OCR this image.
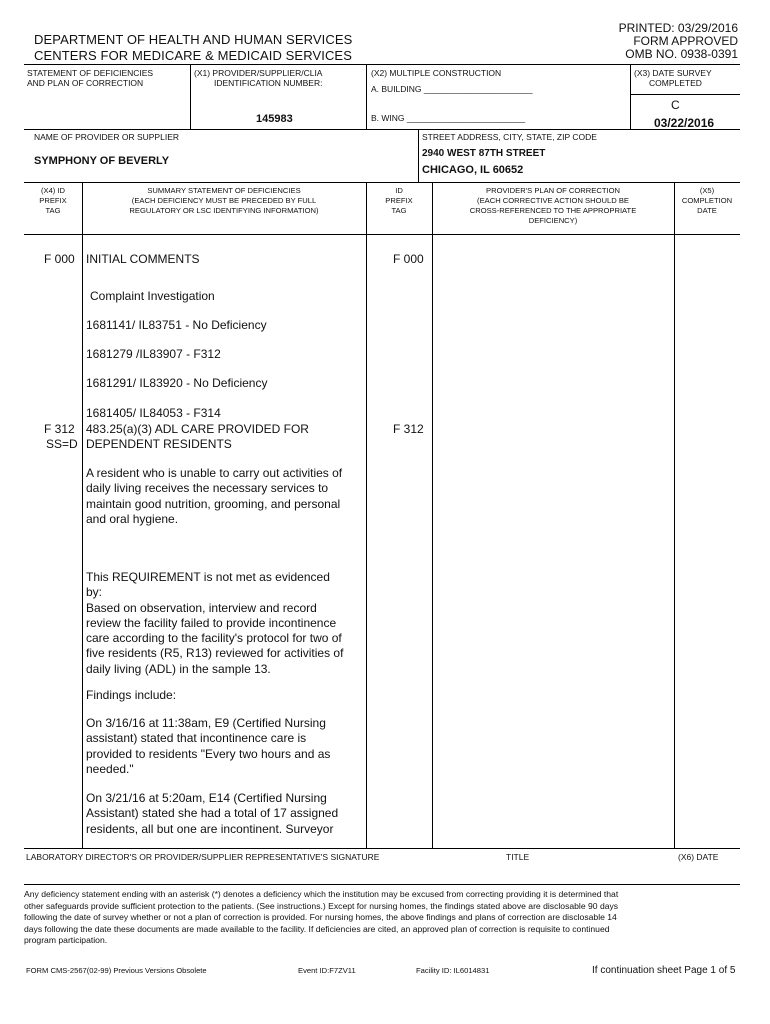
DEPARTMENT OF HEALTH AND HUMAN SERVICES
CENTERS FOR MEDICARE & MEDICAID SERVICES
PRINTED: 03/29/2016
FORM APPROVED
OMB NO. 0938-0391
STATEMENT OF DEFICIENCIES
AND PLAN OF CORRECTION
(X1) PROVIDER/SUPPLIER/CLIA
IDENTIFICATION NUMBER:
145983
(X2) MULTIPLE CONSTRUCTION
A. BUILDING _______________________
B. WING _________________________
(X3) DATE SURVEY
COMPLETED
C
03/22/2016
NAME OF PROVIDER OR SUPPLIER
SYMPHONY OF BEVERLY
STREET ADDRESS, CITY, STATE, ZIP CODE
2940 WEST 87TH STREET
CHICAGO, IL 60652
(X4) ID
PREFIX
TAG
SUMMARY STATEMENT OF DEFICIENCIES
(EACH DEFICIENCY MUST BE PRECEDED BY FULL
REGULATORY OR LSC IDENTIFYING INFORMATION)
ID
PREFIX
TAG
PROVIDER'S PLAN OF CORRECTION
(EACH CORRECTIVE ACTION SHOULD BE
CROSS-REFERENCED TO THE APPROPRIATE
DEFICIENCY)
(X5)
COMPLETION
DATE
F 000 INITIAL COMMENTS	F 000
Complaint Investigation
1681141/ IL83751 - No Deficiency
1681279 /IL83907 - F312
1681291/ IL83920 - No Deficiency
1681405/ IL84053 - F314
F 312
SS=D
483.25(a)(3) ADL CARE PROVIDED FOR
DEPENDENT RESIDENTS
F 312
A resident who is unable to carry out activities of
daily living receives the necessary services to
maintain good nutrition, grooming, and personal
and oral hygiene.
This REQUIREMENT is not met as evidenced
by:
Based on observation, interview and record
review the facility failed to provide incontinence
care according to the facility's protocol for two of
five residents (R5, R13) reviewed for activities of
daily living (ADL) in the sample 13.
Findings include:
On 3/16/16 at 11:38am, E9 (Certified Nursing
assistant) stated that incontinence care is
provided to residents "Every two hours and as
needed."
On 3/21/16 at 5:20am, E14 (Certified Nursing
Assistant) stated she had a total of 17 assigned
residents, all but one are incontinent. Surveyor
LABORATORY DIRECTOR'S OR PROVIDER/SUPPLIER REPRESENTATIVE'S SIGNATURE	TITLE	(X6) DATE
Any deficiency statement ending with an asterisk (*) denotes a deficiency which the institution may be excused from correcting providing it is determined that
other safeguards provide sufficient protection to the patients. (See instructions.) Except for nursing homes, the findings stated above are disclosable 90 days
following the date of survey whether or not a plan of correction is provided. For nursing homes, the above findings and plans of correction are disclosable 14
days following the date these documents are made available to the facility. If deficiencies are cited, an approved plan of correction is requisite to continued
program participation.
FORM CMS-2567(02-99) Previous Versions Obsolete	Event ID:F7ZV11	Facility ID: IL6014831	If continuation sheet Page 1 of 5
